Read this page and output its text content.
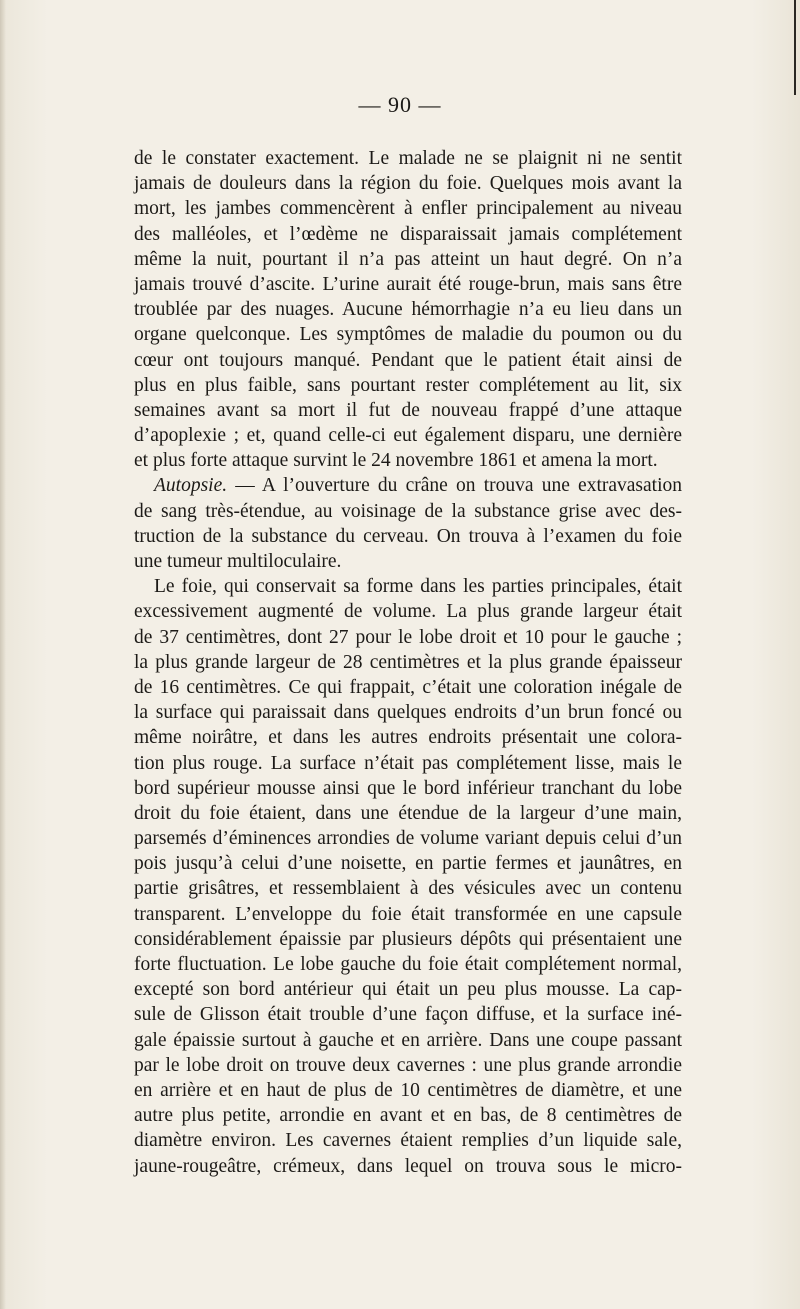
— 90 —
de le constater exactement. Le malade ne se plaignit ni ne sentit
jamais de douleurs dans la région du foie. Quelques mois avant la
mort, les jambes commencèrent à enfler principalement au niveau
des malléoles, et l’œdème ne disparaissait jamais complétement
même la nuit, pourtant il n’a pas atteint un haut degré. On n’a
jamais trouvé d’ascite. L’urine aurait été rouge-brun, mais sans être
troublée par des nuages. Aucune hémorrhagie n’a eu lieu dans un
organe quelconque. Les symptômes de maladie du poumon ou du
cœur ont toujours manqué. Pendant que le patient était ainsi de
plus en plus faible, sans pourtant rester complétement au lit, six
semaines avant sa mort il fut de nouveau frappé d’une attaque
d’apoplexie ; et, quand celle-ci eut également disparu, une dernière
et plus forte attaque survint le 24 novembre 1861 et amena la mort.
Autopsie. — A l’ouverture du crâne on trouva une extravasation
de sang très-étendue, au voisinage de la substance grise avec des-
truction de la substance du cerveau. On trouva à l’examen du foie
une tumeur multiloculaire.
Le foie, qui conservait sa forme dans les parties principales, était
excessivement augmenté de volume. La plus grande largeur était
de 37 centimètres, dont 27 pour le lobe droit et 10 pour le gauche ;
la plus grande largeur de 28 centimètres et la plus grande épaisseur
de 16 centimètres. Ce qui frappait, c’était une coloration inégale de
la surface qui paraissait dans quelques endroits d’un brun foncé ou
même noirâtre, et dans les autres endroits présentait une colora-
tion plus rouge. La surface n’était pas complétement lisse, mais le
bord supérieur mousse ainsi que le bord inférieur tranchant du lobe
droit du foie étaient, dans une étendue de la largeur d’une main,
parsemés d’éminences arrondies de volume variant depuis celui d’un
pois jusqu’à celui d’une noisette, en partie fermes et jaunâtres, en
partie grisâtres, et ressemblaient à des vésicules avec un contenu
transparent. L’enveloppe du foie était transformée en une capsule
considérablement épaissie par plusieurs dépôts qui présentaient une
forte fluctuation. Le lobe gauche du foie était complétement normal,
excepté son bord antérieur qui était un peu plus mousse. La cap-
sule de Glisson était trouble d’une façon diffuse, et la surface iné-
gale épaissie surtout à gauche et en arrière. Dans une coupe passant
par le lobe droit on trouve deux cavernes : une plus grande arrondie
en arrière et en haut de plus de 10 centimètres de diamètre, et une
autre plus petite, arrondie en avant et en bas, de 8 centimètres de
diamètre environ. Les cavernes étaient remplies d’un liquide sale,
jaune-rougeâtre, crémeux, dans lequel on trouva sous le micro-
